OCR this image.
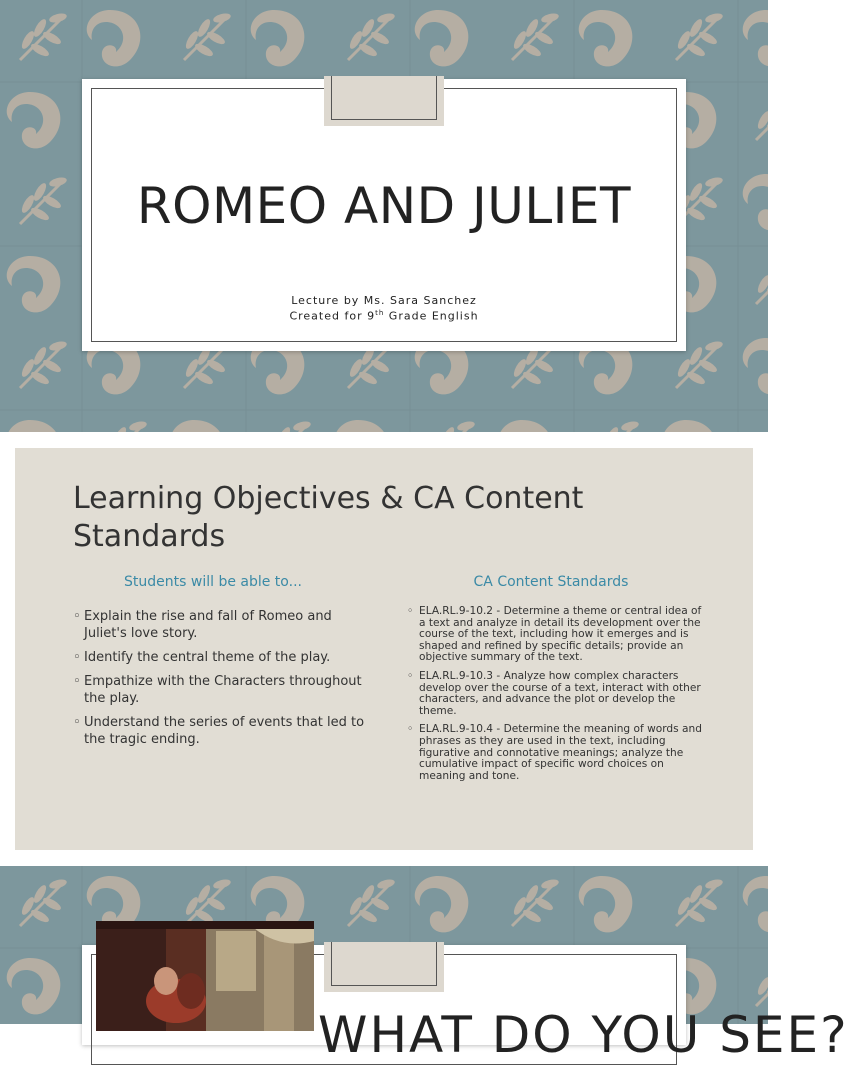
ROMEO AND JULIET
Lecture by Ms. Sara Sanchez
Created for 9th Grade English
Learning Objectives & CA Content Standards
Students will be able to...	CA Content Standards
◦ Explain the rise and fall of Romeo and Juliet's love story.
◦ Identify the central theme of the play.
◦ Empathize with the Characters throughout the play.
◦ Understand the series of events that led to the tragic ending.
◦ ELA.RL.9-10.2 - Determine a theme or central idea of a text and analyze in detail its development over the course of the text, including how it emerges and is shaped and refined by specific details; provide an objective summary of the text.
◦ ELA.RL.9-10.3 - Analyze how complex characters develop over the course of a text, interact with other characters, and advance the plot or develop the theme.
◦ ELA.RL.9-10.4 - Determine the meaning of words and phrases as they are used in the text, including figurative and connotative meanings; analyze the cumulative impact of specific word choices on meaning and tone.
WHAT DO YOU SEE?
